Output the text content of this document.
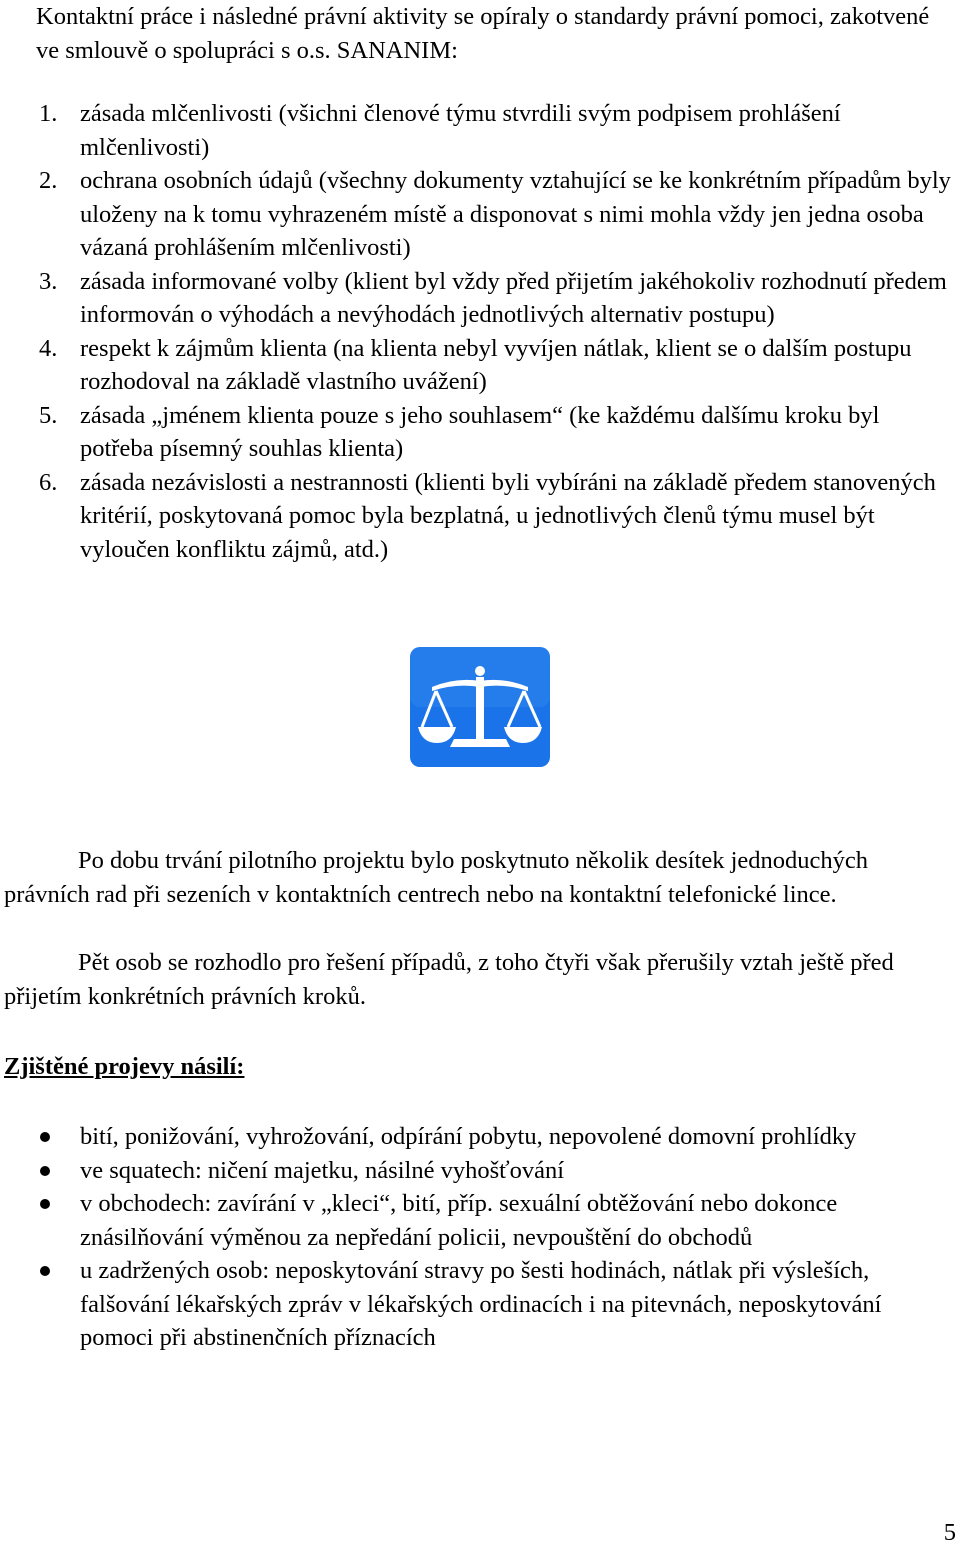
Kontaktní práce i následné právní aktivity se opíraly o standardy právní pomoci, zakotvené ve smlouvě o spolupráci s o.s. SANANIM:

1. zásada mlčenlivosti (všichni členové týmu stvrdili svým podpisem prohlášení mlčenlivosti)
2. ochrana osobních údajů (všechny dokumenty vztahující se ke konkrétním případům byly uloženy na k tomu vyhrazeném místě a disponovat s nimi mohla vždy jen jedna osoba vázaná prohlášením mlčenlivosti)
3. zásada informované volby (klient byl vždy před přijetím jakéhokoliv rozhodnutí předem informován o výhodách a nevýhodách jednotlivých alternativ postupu)
4. respekt k zájmům klienta (na klienta nebyl vyvíjen nátlak, klient se o dalším postupu rozhodoval na základě vlastního uvážení)
5. zásada „jménem klienta pouze s jeho souhlasem“ (ke každému dalšímu kroku byl potřeba písemný souhlas klienta)
6. zásada nezávislosti a nestrannosti (klienti byli vybíráni na základě předem stanovených kritérií, poskytovaná pomoc byla bezplatná, u jednotlivých členů týmu musel být vyloučen konfliktu zájmů, atd.)

Po dobu trvání pilotního projektu bylo poskytnuto několik desítek jednoduchých právních rad při sezeních v kontaktních centrech nebo na kontaktní telefonické lince.

Pět osob se rozhodlo pro řešení případů, z toho čtyři však přerušily vztah ještě před přijetím konkrétních právních kroků.

Zjištěné projevy násilí:
bití, ponižování, vyhrožování, odpírání pobytu, nepovolené domovní prohlídky
ve squatech: ničení majetku, násilné vyhošťování
v obchodech: zavírání v „kleci“, bití, příp. sexuální obtěžování nebo dokonce znásilňování výměnou za nepředání policii, nevpouštění do obchodů
u zadržených osob: neposkytování stravy po šesti hodinách, nátlak při výsleších, falšování lékařských zpráv v lékařských ordinacích i na pitevnách, neposkytování pomoci při abstinenčních příznacích

5
